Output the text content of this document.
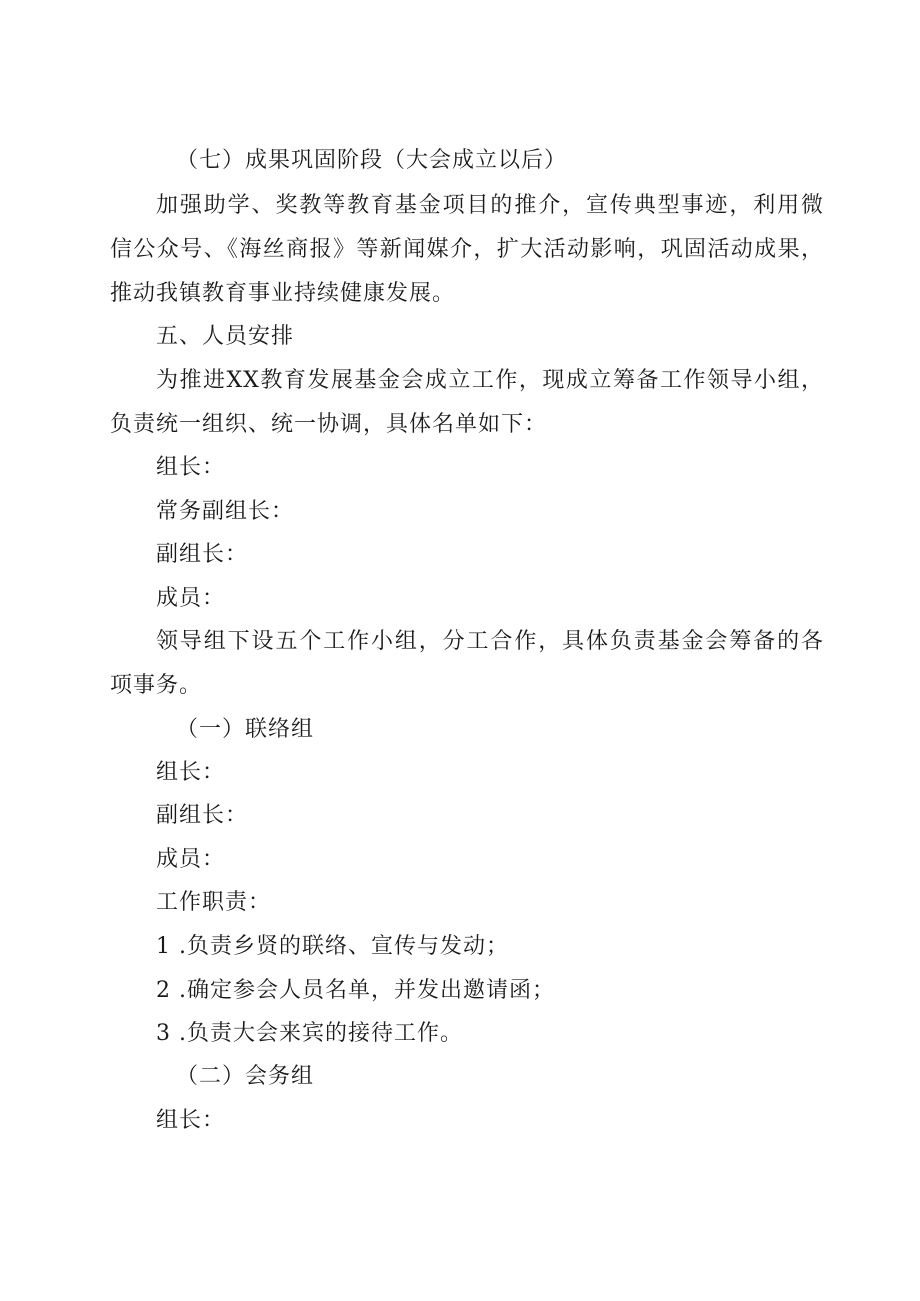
（七）成果巩固阶段（大会成立以后）
加强助学、奖教等教育基金项目的推介，宣传典型事迹，利用微
信公众号、《海丝商报》等新闻媒介，扩大活动影响，巩固活动成果，
推动我镇教育事业持续健康发展。
五、人员安排
为推进XX教育发展基金会成立工作，现成立筹备工作领导小组，
负责统一组织、统一协调，具体名单如下：
组长：
常务副组长：
副组长：
成员：
领导组下设五个工作小组，分工合作，具体负责基金会筹备的各
项事务。
（一）联络组
组长：
副组长：
成员：
工作职责：
1 .负责乡贤的联络、宣传与发动；
2 .确定参会人员名单，并发出邀请函；
3 .负责大会来宾的接待工作。
（二）会务组
组长：
